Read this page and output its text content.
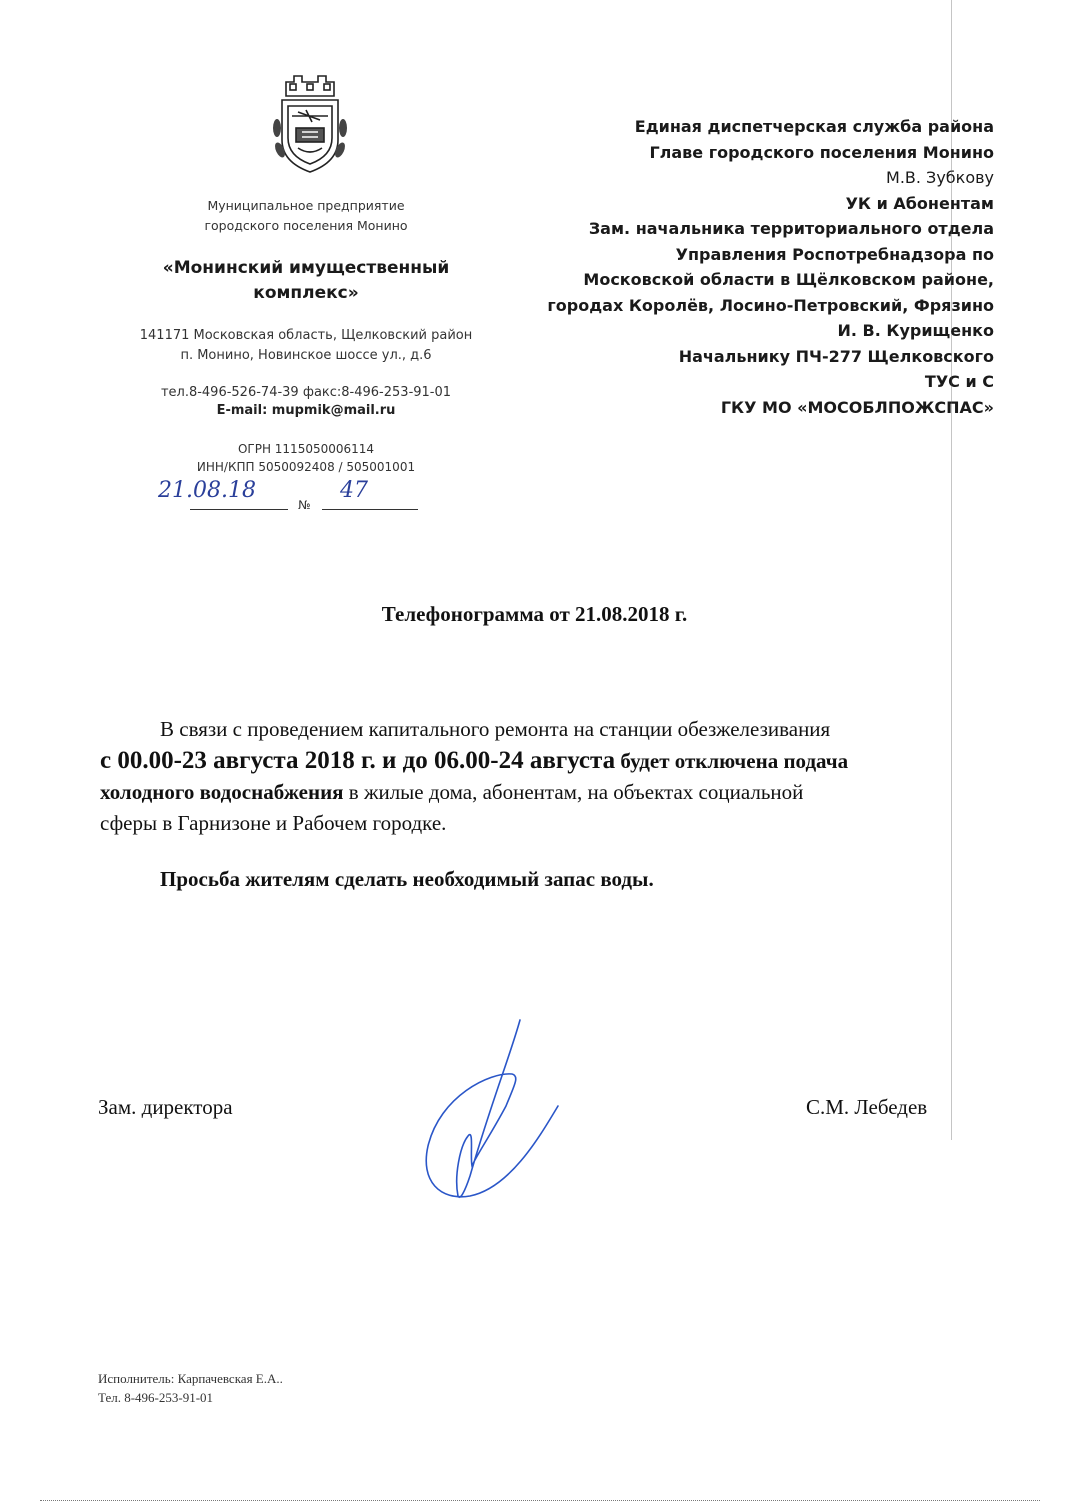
Муниципальное предприятие
городского поселения Монино
«Монинский имущественный
комплекс»
141171 Московская область, Щелковский район
п. Монино, Новинское шоссе ул., д.6
тел.8-496-526-74-39 факс:8-496-253-91-01
E-mail: mupmik@mail.ru
ОГРН 1115050006114
ИНН/КПП 5050092408 / 505001001
21.08.18
№
47
Единая диспетчерская служба района
Главе городского поселения Монино
М.В. Зубкову
УК и Абонентам
Зам. начальника территориального отдела
Управления Роспотребнадзора по
Московской области в Щёлковском районе,
городах Королёв, Лосино-Петровский, Фрязино
И. В. Курищенко
Начальнику ПЧ-277 Щелковского
ТУС и С
ГКУ МО «МОСОБЛПОЖСПАС»
Телефонограмма от 21.08.2018 г.

В связи с проведением капитального ремонта на станции обезжелезивания

с 00.00-23 августа 2018 г. и до 06.00-24 августа будет отключена подача

холодного водоснабжения в жилые дома, абонентам, на объектах социальной

сферы в Гарнизоне и Рабочем городке.

Просьба жителям сделать необходимый запас воды.
Зам. директора	С.М. Лебедев
Исполнитель: Карпачевская Е.А..
Тел. 8-496-253-91-01
